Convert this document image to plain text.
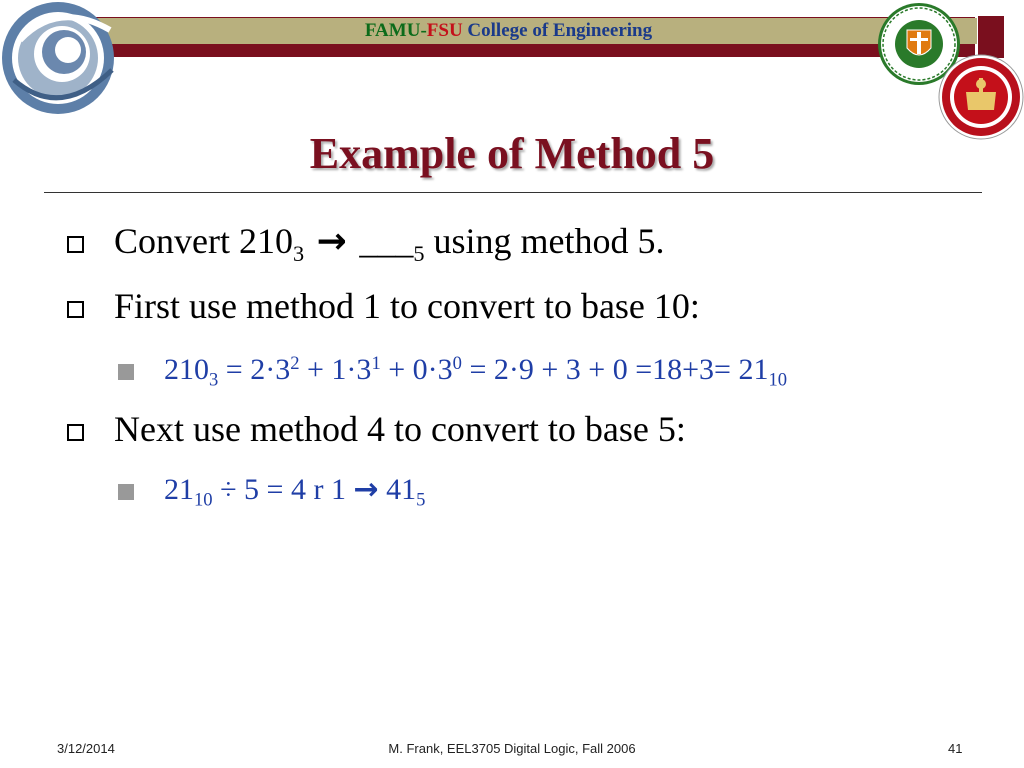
FAMU-FSU College of Engineering
Example of Method 5
Convert $210_3$ → $\_\_\__5$ using method 5.
First use method 1 to convert to base 10:
$210_3 = 2\cdot 3^2 + 1\cdot 3^1 + 0\cdot 3^0 = 2\cdot 9 + 3 + 0 =18+3= 21_{10}$
Next use method 4 to convert to base 5:
$21_{10} \div 5 = 4$ r $1 \to 41_5$
3/12/2014	M. Frank, EEL3705 Digital Logic, Fall 2006	41
